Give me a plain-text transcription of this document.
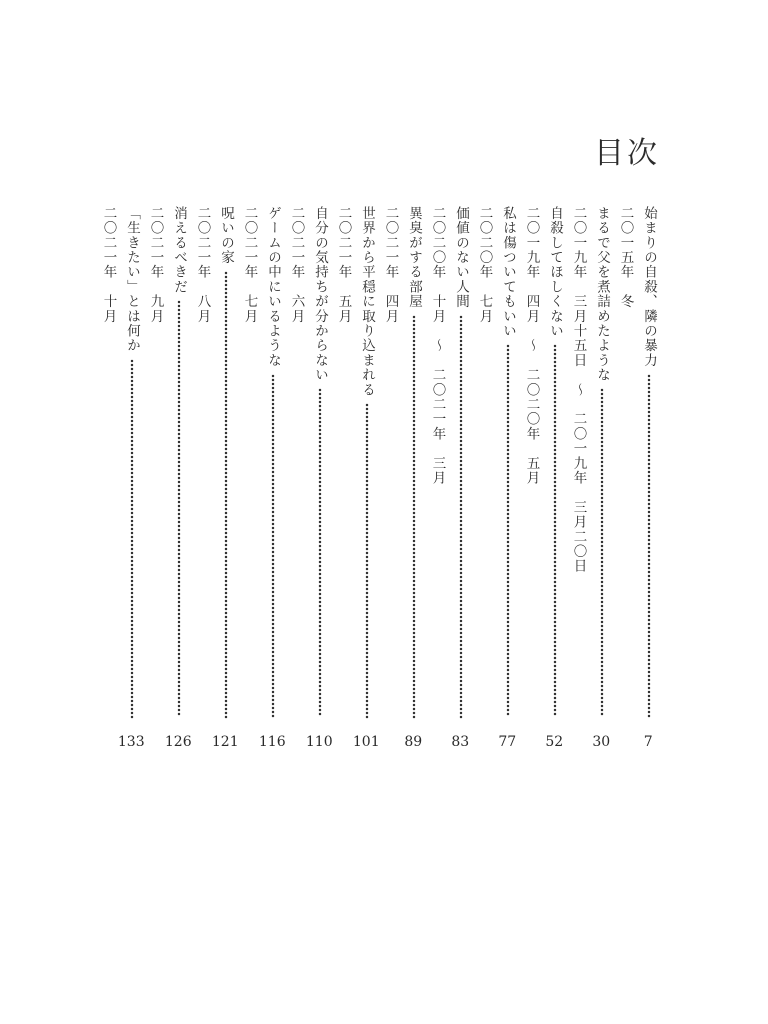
目次
始まりの自殺、隣の暴力
7
二〇一五年　冬
まるで父を煮詰めたような
30
二〇一九年　三月十五日　～　二〇一九年　三月二〇日
自殺してほしくない
52
二〇一九年　四月　～　二〇二〇年　五月
私は傷ついてもいい
77
二〇二〇年　七月
価値のない人間
83
二〇二〇年　十月　～　二〇二一年　三月
異臭がする部屋
89
二〇二一年　四月
世界から平穏に取り込まれる
101
二〇二一年　五月
自分の気持ちが分からない
110
二〇二一年　六月
ゲームの中にいるような
116
二〇二一年　七月
呪いの家
121
二〇二一年　八月
消えるべきだ
126
二〇二一年　九月
「生きたい」とは何か
133
二〇二一年　十月
